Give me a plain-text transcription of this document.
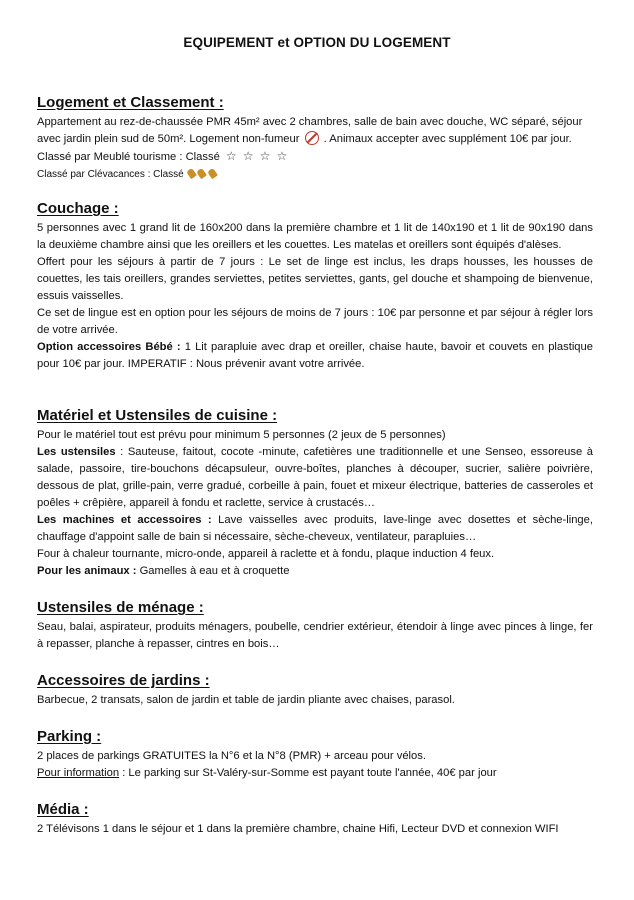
EQUIPEMENT et OPTION DU LOGEMENT
Logement et Classement :

Appartement au rez-de-chaussée PMR 45m² avec 2 chambres, salle de bain avec douche, WC séparé, séjour

avec jardin plein sud de 50m². Logement non-fumeur . Animaux accepter avec supplément 10€ par jour.

Classé par Meublé tourisme : Classé ☆ ☆ ☆ ☆

Classé par Clévacances : Classé

Couchage :

5 personnes avec 1 grand lit de 160x200 dans la première chambre et 1 lit de 140x190 et 1 lit de 90x190 dans la deuxième chambre ainsi que les oreillers et les couettes. Les matelas et oreillers sont équipés d'alèses.

Offert pour les séjours à partir de 7 jours : Le set de linge est inclus, les draps housses, les housses de couettes, les tais oreillers, grandes serviettes, petites serviettes, gants, gel douche et shampoing de bienvenue, essuis vaisselles.

Ce set de lingue est en option pour les séjours de moins de 7 jours : 10€ par personne et par séjour à régler lors de votre arrivée.

Option accessoires Bébé : 1 Lit parapluie avec drap et oreiller, chaise haute, bavoir et couvets en plastique pour 10€ par jour. IMPERATIF : Nous prévenir avant votre arrivée.

Matériel et Ustensiles de cuisine :

Pour le matériel tout est prévu pour minimum 5 personnes (2 jeux de 5 personnes)

Les ustensiles : Sauteuse, faitout, cocote -minute, cafetières une traditionnelle et une Senseo, essoreuse à salade, passoire, tire-bouchons décapsuleur, ouvre-boîtes, planches à découper, sucrier, salière poivrière, dessous de plat, grille-pain, verre gradué, corbeille à pain, fouet et mixeur électrique, batteries de casseroles et poêles + crêpière, appareil à fondu et raclette, service à crustacés…

Les machines et accessoires : Lave vaisselles avec produits, lave-linge avec dosettes et sèche-linge, chauffage d'appoint salle de bain si nécessaire, sèche-cheveux, ventilateur, parapluies…

Four à chaleur tournante, micro-onde, appareil à raclette et à fondu, plaque induction 4 feux.

Pour les animaux : Gamelles à eau et à croquette

Ustensiles de ménage :

Seau, balai, aspirateur, produits ménagers, poubelle, cendrier extérieur, étendoir à linge avec pinces à linge, fer à repasser, planche à repasser, cintres en bois…

Accessoires de jardins :

Barbecue, 2 transats, salon de jardin et table de jardin pliante avec chaises, parasol.

Parking :

2 places de parkings GRATUITES la N°6 et la N°8 (PMR) + arceau pour vélos.

Pour information : Le parking sur St-Valéry-sur-Somme est payant toute l'année, 40€ par jour

Média :

2 Télévisons 1 dans le séjour et 1 dans la première chambre, chaine Hifi, Lecteur DVD et connexion WIFI
